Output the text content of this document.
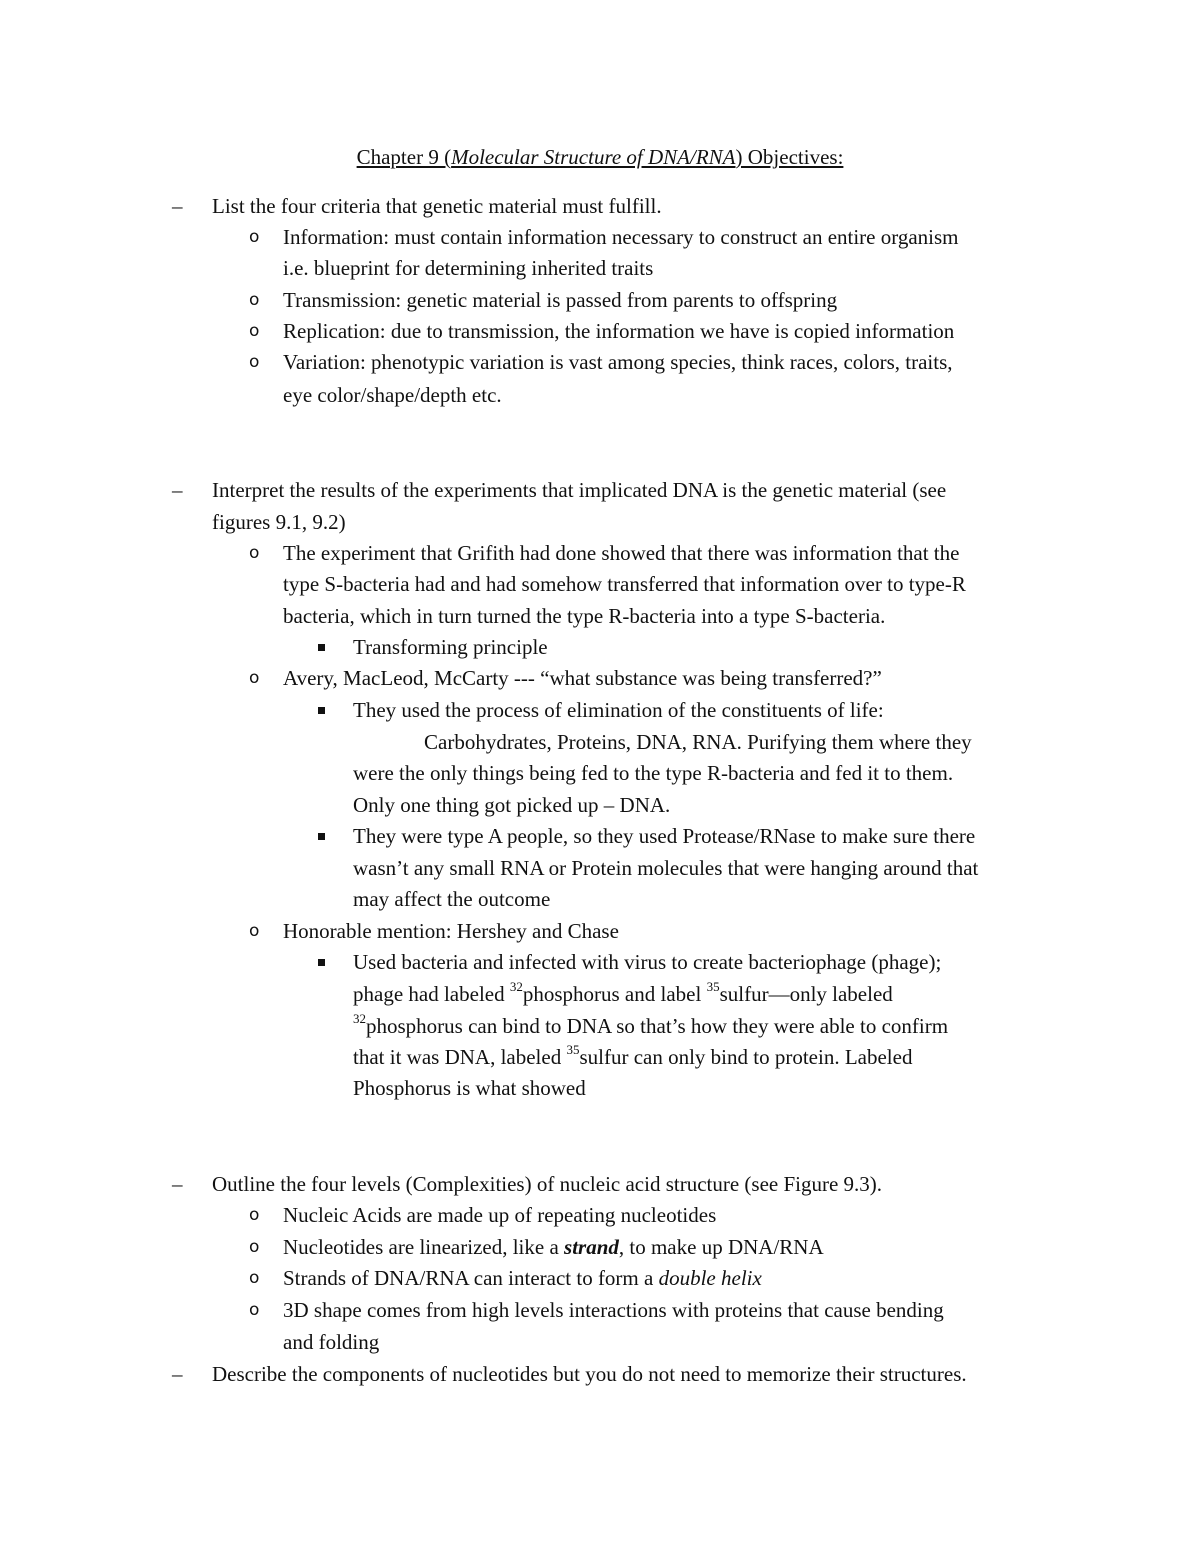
Chapter 9 (Molecular Structure of DNA/RNA) Objectives:
– List the four criteria that genetic material must fulfill.
o Information: must contain information necessary to construct an entire organism
i.e. blueprint for determining inherited traits
o Transmission: genetic material is passed from parents to offspring
o Replication: due to transmission, the information we have is copied information
o Variation: phenotypic variation is vast among species, think races, colors, traits,
eye color/shape/depth etc.
– Interpret the results of the experiments that implicated DNA is the genetic material (see
figures 9.1, 9.2)
o The experiment that Grifith had done showed that there was information that the
type S-bacteria had and had somehow transferred that information over to type-R
bacteria, which in turn turned the type R-bacteria into a type S-bacteria.
Transforming principle
o Avery, MacLeod, McCarty --- “what substance was being transferred?”
They used the process of elimination of the constituents of life:
Carbohydrates, Proteins, DNA, RNA. Purifying them where they
were the only things being fed to the type R-bacteria and fed it to them.
Only one thing got picked up – DNA.
They were type A people, so they used Protease/RNase to make sure there
wasn’t any small RNA or Protein molecules that were hanging around that
may affect the outcome
o Honorable mention: Hershey and Chase
Used bacteria and infected with virus to create bacteriophage (phage);
phage had labeled $^{32}$phosphorus and label $^{35}$sulfur—only labeled
$^{32}$phosphorus can bind to DNA so that’s how they were able to confirm
that it was DNA, labeled $^{35}$sulfur can only bind to protein. Labeled
Phosphorus is what showed
– Outline the four levels (Complexities) of nucleic acid structure (see Figure 9.3).
o Nucleic Acids are made up of repeating nucleotides
o Nucleotides are linearized, like a strand, to make up DNA/RNA
o Strands of DNA/RNA can interact to form a double helix
o 3D shape comes from high levels interactions with proteins that cause bending
and folding
– Describe the components of nucleotides but you do not need to memorize their structures.
